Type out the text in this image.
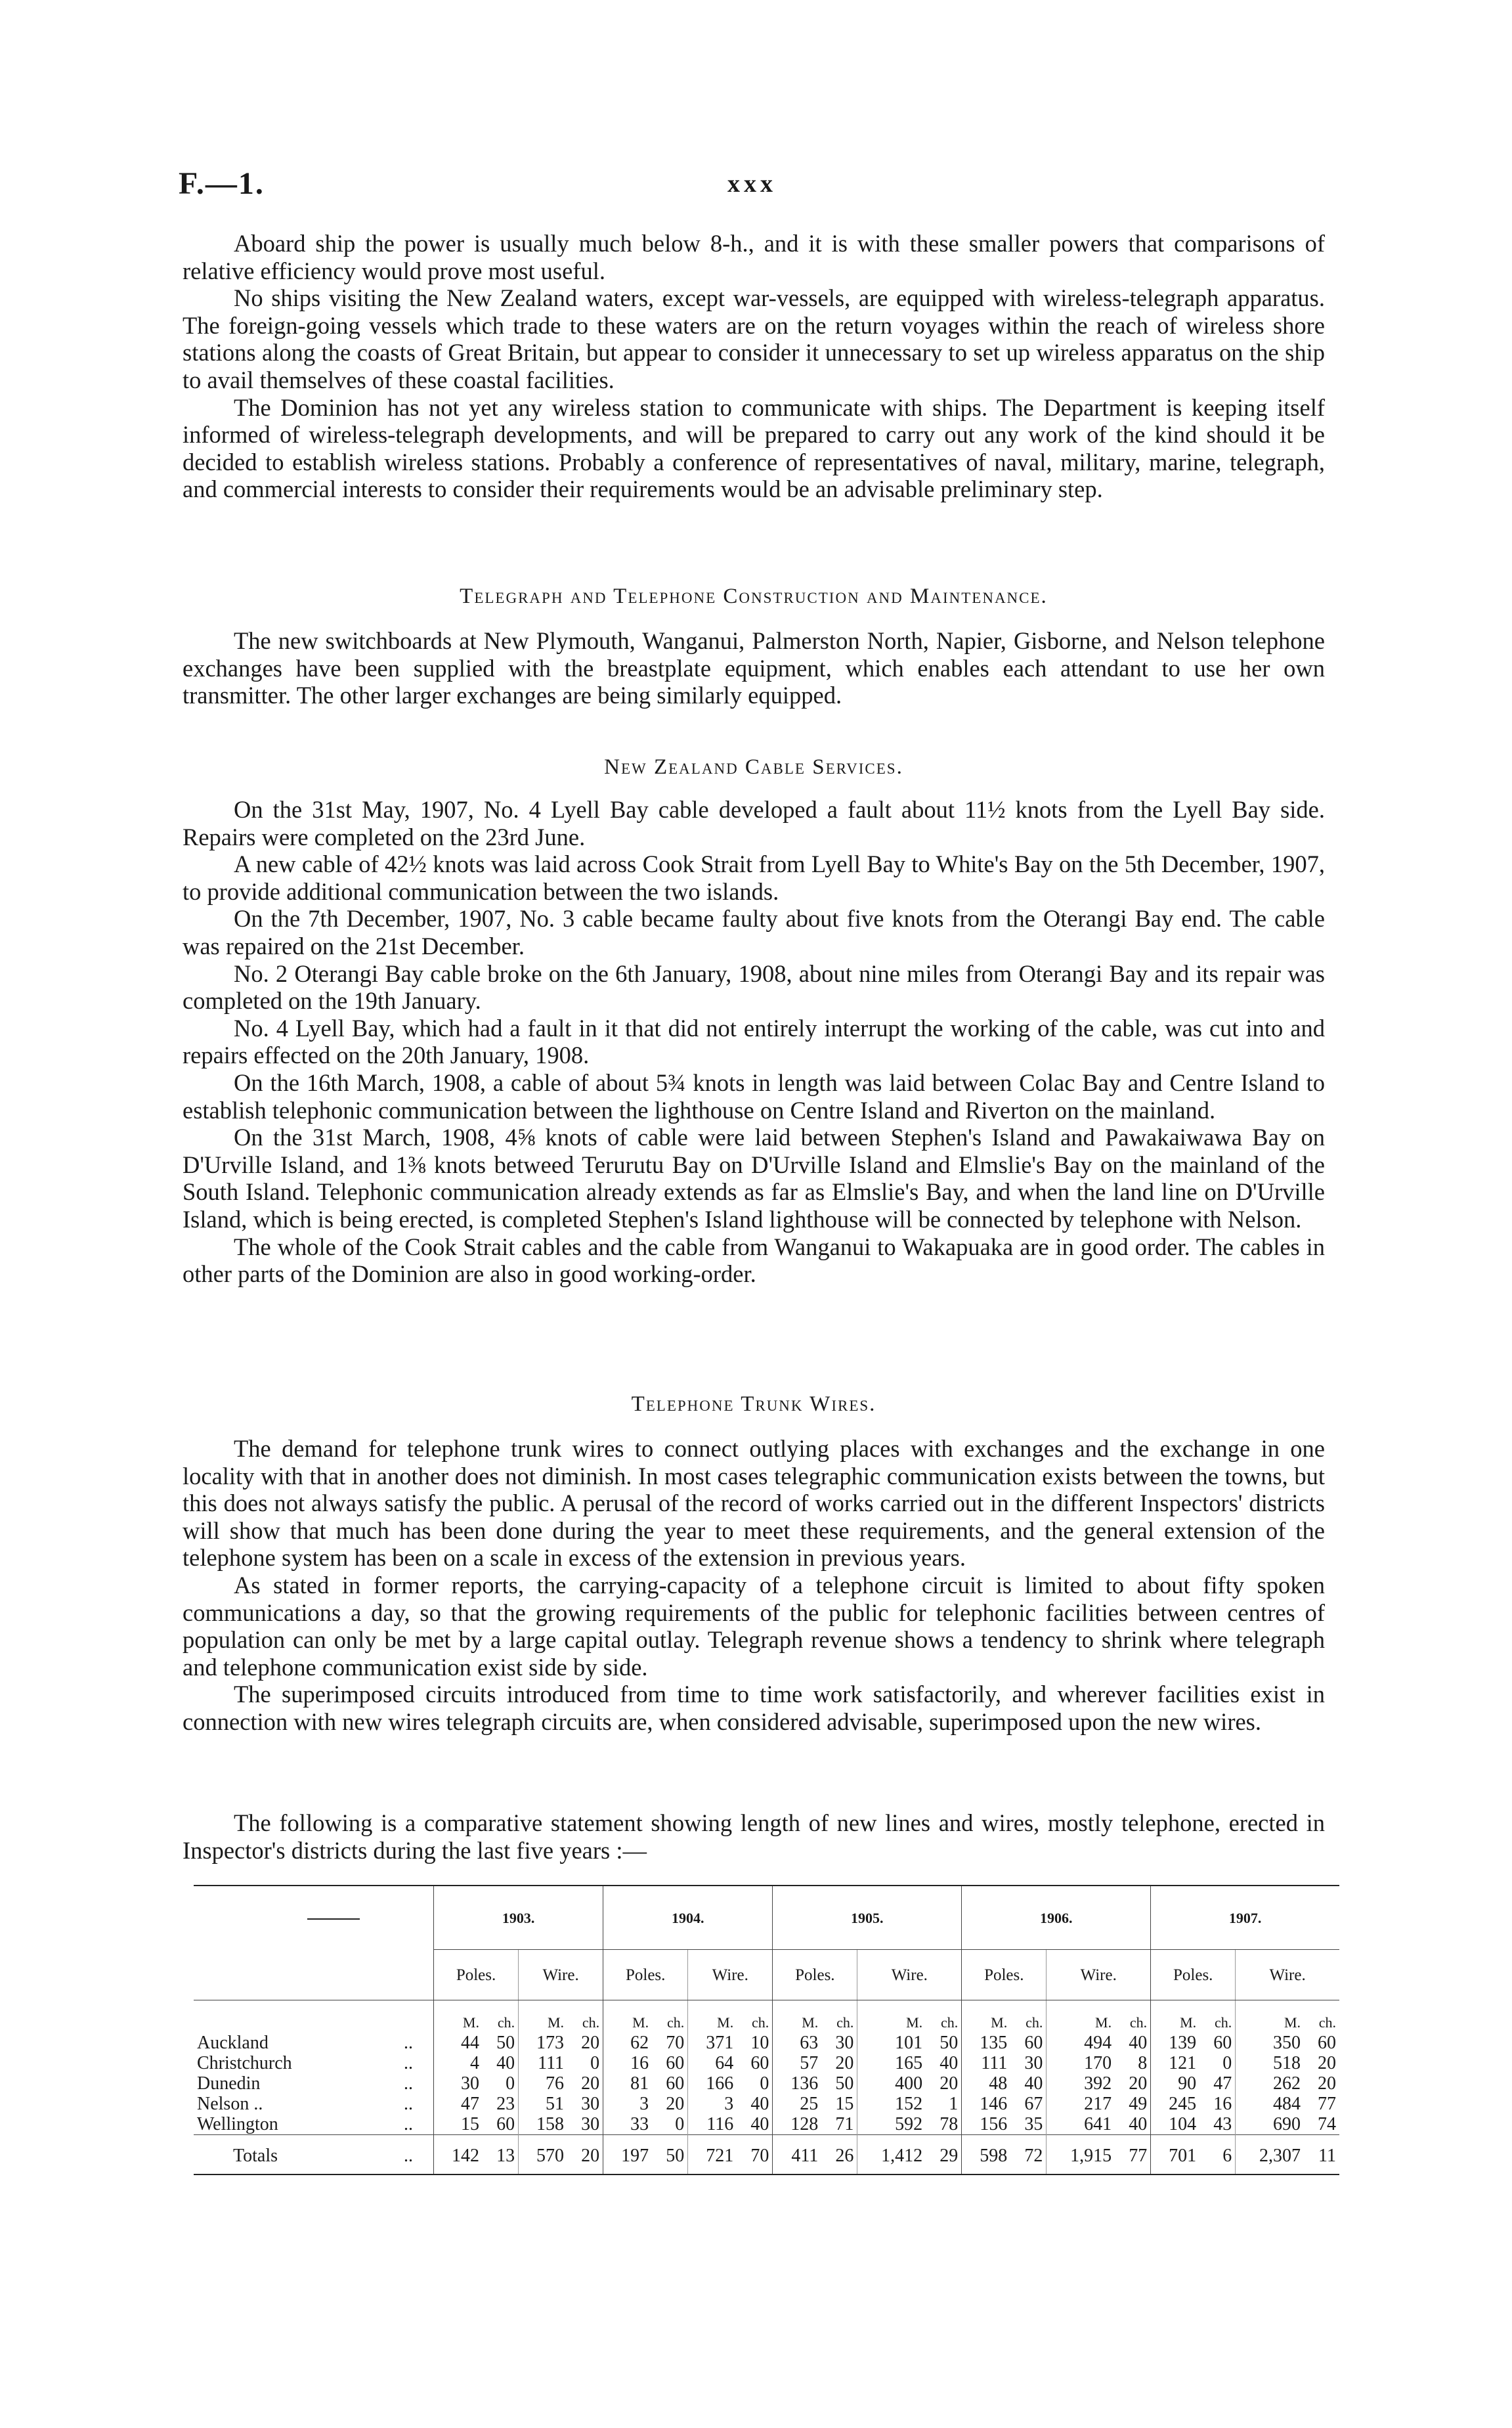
F.—1.	xxx

Aboard ship the power is usually much below 8-h., and it is with these smaller powers that comparisons of relative efficiency would prove most useful.

No ships visiting the New Zealand waters, except war-vessels, are equipped with wireless-telegraph apparatus. The foreign-going vessels which trade to these waters are on the return voyages within the reach of wireless shore stations along the coasts of Great Britain, but appear to consider it unnecessary to set up wireless apparatus on the ship to avail themselves of these coastal facilities.

The Dominion has not yet any wireless station to communicate with ships. The Department is keeping itself informed of wireless-telegraph developments, and will be prepared to carry out any work of the kind should it be decided to establish wireless stations. Probably a conference of representatives of naval, military, marine, telegraph, and commercial interests to consider their requirements would be an advisable preliminary step.

Telegraph and Telephone Construction and Maintenance.

The new switchboards at New Plymouth, Wanganui, Palmerston North, Napier, Gisborne, and Nelson telephone exchanges have been supplied with the breastplate equipment, which enables each attendant to use her own transmitter. The other larger exchanges are being similarly equipped.

New Zealand Cable Services.

On the 31st May, 1907, No. 4 Lyell Bay cable developed a fault about 11½ knots from the Lyell Bay side. Repairs were completed on the 23rd June.

A new cable of 42½ knots was laid across Cook Strait from Lyell Bay to White's Bay on the 5th December, 1907, to provide additional communication between the two islands.

On the 7th December, 1907, No. 3 cable became faulty about five knots from the Oterangi Bay end. The cable was repaired on the 21st December.

No. 2 Oterangi Bay cable broke on the 6th January, 1908, about nine miles from Oterangi Bay and its repair was completed on the 19th January.

No. 4 Lyell Bay, which had a fault in it that did not entirely interrupt the working of the cable, was cut into and repairs effected on the 20th January, 1908.

On the 16th March, 1908, a cable of about 5¾ knots in length was laid between Colac Bay and Centre Island to establish telephonic communication between the lighthouse on Centre Island and Riverton on the mainland.

On the 31st March, 1908, 4⅝ knots of cable were laid between Stephen's Island and Pawakaiwawa Bay on D'Urville Island, and 1⅜ knots betweed Terurutu Bay on D'Urville Island and Elmslie's Bay on the mainland of the South Island. Telephonic communication already extends as far as Elmslie's Bay, and when the land line on D'Urville Island, which is being erected, is completed Stephen's Island lighthouse will be connected by telephone with Nelson.

The whole of the Cook Strait cables and the cable from Wanganui to Wakapuaka are in good order. The cables in other parts of the Dominion are also in good working-order.

Telephone Trunk Wires.

The demand for telephone trunk wires to connect outlying places with exchanges and the exchange in one locality with that in another does not diminish. In most cases telegraphic communication exists between the towns, but this does not always satisfy the public. A perusal of the record of works carried out in the different Inspectors' districts will show that much has been done during the year to meet these requirements, and the general extension of the telephone system has been on a scale in excess of the extension in previous years.

As stated in former reports, the carrying-capacity of a telephone circuit is limited to about fifty spoken communications a day, so that the growing requirements of the public for telephonic facilities between centres of population can only be met by a large capital outlay. Telegraph revenue shows a tendency to shrink where telegraph and telephone communication exist side by side.

The superimposed circuits introduced from time to time work satisfactorily, and wherever facilities exist in connection with new wires telegraph circuits are, when considered advisable, superimposed upon the new wires.

The following is a comparative statement showing length of new lines and wires, mostly telephone, erected in Inspector's districts during the last five years :—

		1903.				1904.				1905.				1906.				1907.			
		Poles.		Wire.		Poles.		Wire.		Poles.		Wire.		Poles.		Wire.		Poles.		Wire.	
		M.	ch.	M.	ch.	M.	ch.	M.	ch.	M.	ch.	M.	ch.	M.	ch.	M.	ch.	M.	ch.	M.	ch.
Auckland	..	44	50	173	20	62	70	371	10	63	30	101	50	135	60	494	40	139	60	350	60
Christchurch	..	4	40	111	0	16	60	64	60	57	20	165	40	111	30	170	8	121	0	518	20
Dunedin	..	30	0	76	20	81	60	166	0	136	50	400	20	48	40	392	20	90	47	262	20
Nelson ..	..	47	23	51	30	3	20	3	40	25	15	152	1	146	67	217	49	245	16	484	77
Wellington	..	15	60	158	30	33	0	116	40	128	71	592	78	156	35	641	40	104	43	690	74
Totals	..	142	13	570	20	197	50	721	70	411	26	1,412	29	598	72	1,915	77	701	6	2,307	11
